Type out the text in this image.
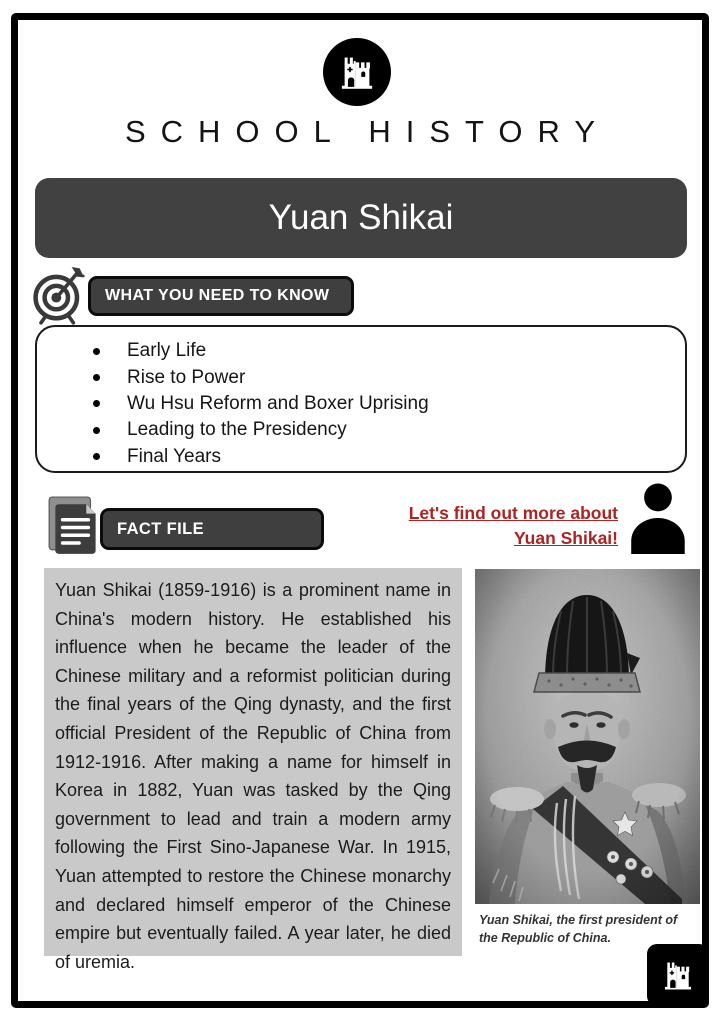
SCHOOL HISTORY
Yuan Shikai
WHAT YOU NEED TO KNOW
Early Life
Rise to Power
Wu Hsu Reform and Boxer Uprising
Leading to the Presidency
Final Years
FACT FILE
Let's find out more about
Yuan Shikai!
Yuan Shikai (1859-1916) is a prominent name in China's modern history. He established his influence when he became the leader of the Chinese military and a reformist politician during the final years of the Qing dynasty, and the first official President of the Republic of China from 1912-1916. After making a name for himself in Korea in 1882, Yuan was tasked by the Qing government to lead and train a modern army following the First Sino-Japanese War. In 1915, Yuan attempted to restore the Chinese monarchy and declared himself emperor of the Chinese empire but eventually failed. A year later, he died of uremia.
Yuan Shikai, the first president of the Republic of China.
